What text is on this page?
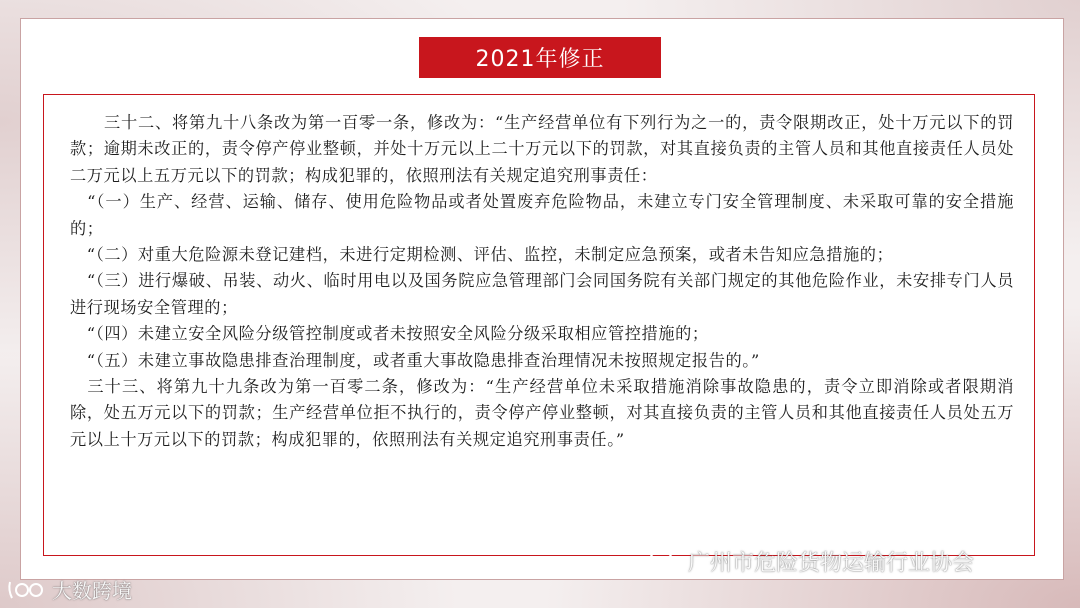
2021年修正

　　三十二、将第九十八条改为第一百零一条，修改为：“生产经营单位有下列行为之一的，责令限期改正，处十万元以下的罚款；逾期未改正的，责令停产停业整顿，并处十万元以上二十万元以下的罚款，对其直接负责的主管人员和其他直接责任人员处二万元以上五万元以下的罚款；构成犯罪的，依照刑法有关规定追究刑事责任：

　“（一）生产、经营、运输、储存、使用危险物品或者处置废弃危险物品，未建立专门安全管理制度、未采取可靠的安全措施的；

　“（二）对重大危险源未登记建档，未进行定期检测、评估、监控，未制定应急预案，或者未告知应急措施的；

　“（三）进行爆破、吊装、动火、临时用电以及国务院应急管理部门会同国务院有关部门规定的其他危险作业，未安排专门人员进行现场安全管理的；

　“（四）未建立安全风险分级管控制度或者未按照安全风险分级采取相应管控措施的；

　“（五）未建立事故隐患排查治理制度，或者重大事故隐患排查治理情况未按照规定报告的。”

　三十三、将第九十九条改为第一百零二条，修改为：“生产经营单位未采取措施消除事故隐患的，责令立即消除或者限期消除，处五万元以下的罚款；生产经营单位拒不执行的，责令停产停业整顿，对其直接负责的主管人员和其他直接责任人员处五万元以上十万元以下的罚款；构成犯罪的，依照刑法有关规定追究刑事责任。”

广州市危险货物运输行业协会
大数跨境
